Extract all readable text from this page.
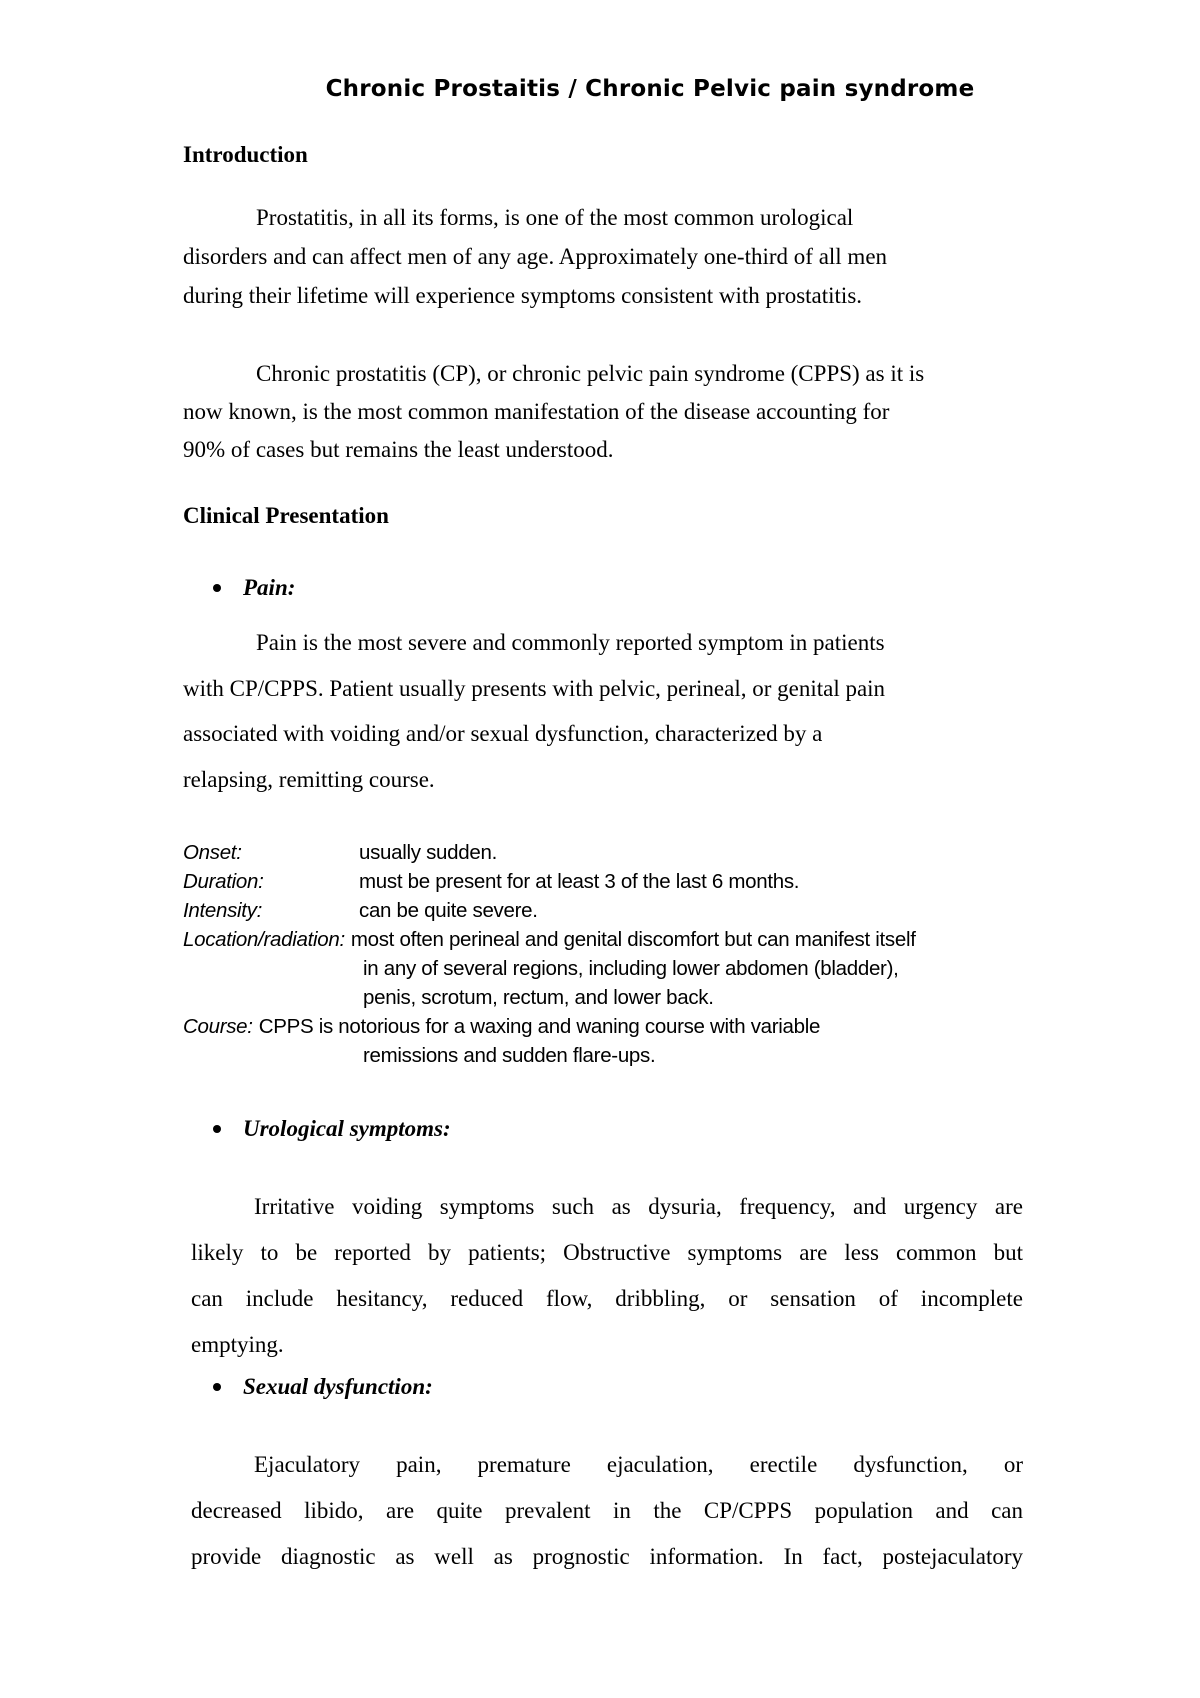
Chronic Prostaitis / Chronic Pelvic pain syndrome
Introduction

Prostatitis, in all its forms, is one of the most common urological

disorders and can affect men of any age. Approximately one-third of all men

during their lifetime will experience symptoms consistent with prostatitis.

Chronic prostatitis (CP), or chronic pelvic pain syndrome (CPPS) as it is

now known, is the most common manifestation of the disease accounting for

90% of cases but remains the least understood.

Clinical Presentation
Pain:

Pain is the most severe and commonly reported symptom in patients

with CP/CPPS. Patient usually presents with pelvic, perineal, or genital pain

associated with voiding and/or sexual dysfunction, characterized by a

relapsing, remitting course.

Onset:	usually sudden.
Duration:	must be present for at least 3 of the last 6 months.
Intensity:	can be quite severe.
Location/radiation: most often perineal and genital discomfort but can manifest itself
in any of several regions, including lower abdomen (bladder),
penis, scrotum, rectum, and lower back.
Course: CPPS is notorious for a waxing and waning course with variable
remissions and sudden flare-ups.
Urological symptoms:

Irritative voiding symptoms such as dysuria, frequency, and urgency are

likely to be reported by patients; Obstructive symptoms are less common but

can include hesitancy, reduced flow, dribbling, or sensation of incomplete

emptying.

Sexual dysfunction:

Ejaculatory pain, premature ejaculation, erectile dysfunction, or

decreased libido, are quite prevalent in the CP/CPPS population and can

provide diagnostic as well as prognostic information. In fact, postejaculatory
